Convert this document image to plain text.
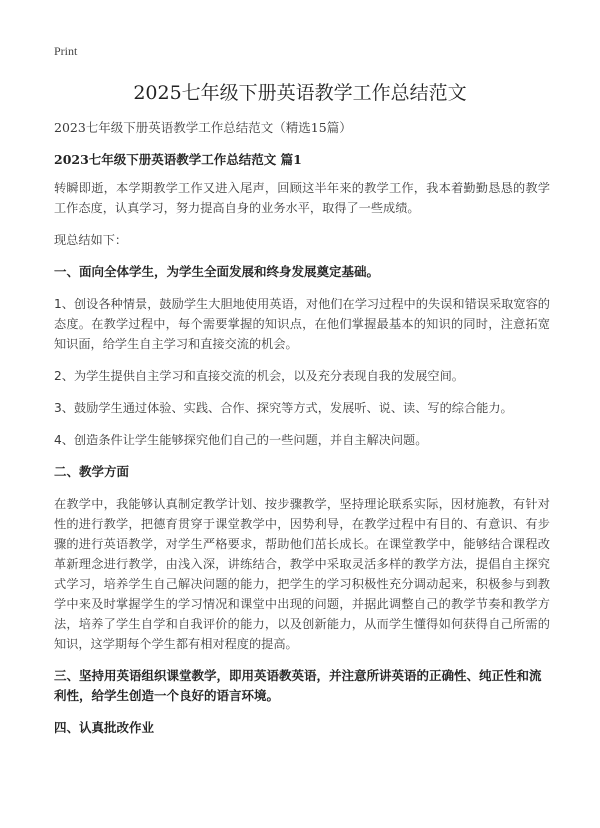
Print
2025七年级下册英语教学工作总结范文
2023七年级下册英语教学工作总结范文（精选15篇）
2023七年级下册英语教学工作总结范文 篇1
转瞬即逝，本学期教学工作又进入尾声，回顾这半年来的教学工作，我本着勤勤恳恳的教学工作态度，认真学习，努力提高自身的业务水平，取得了一些成绩。
现总结如下：
一、面向全体学生，为学生全面发展和终身发展奠定基础。
1、创设各种情景，鼓励学生大胆地使用英语，对他们在学习过程中的失误和错误采取宽容的态度。在教学过程中，每个需要掌握的知识点，在他们掌握最基本的知识的同时，注意拓宽知识面，给学生自主学习和直接交流的机会。
2、为学生提供自主学习和直接交流的机会，以及充分表现自我的发展空间。
3、鼓励学生通过体验、实践、合作、探究等方式，发展听、说、读、写的综合能力。
4、创造条件让学生能够探究他们自己的一些问题，并自主解决问题。
二、教学方面
在教学中，我能够认真制定教学计划、按步骤教学，坚持理论联系实际，因材施教，有针对性的进行教学，把德育贯穿于课堂教学中，因势利导，在教学过程中有目的、有意识、有步骤的进行英语教学，对学生严格要求，帮助他们茁长成长。在课堂教学中，能够结合课程改革新理念进行教学，由浅入深，讲练结合，教学中采取灵活多样的教学方法，提倡自主探究式学习，培养学生自己解决问题的能力，把学生的学习积极性充分调动起来，积极参与到教学中来及时掌握学生的学习情况和课堂中出现的问题，并据此调整自己的教学节奏和教学方法，培养了学生自学和自我评价的能力，以及创新能力，从而学生懂得如何获得自己所需的知识，这学期每个学生都有相对程度的提高。
三、坚持用英语组织课堂教学，即用英语教英语，并注意所讲英语的正确性、纯正性和流利性，给学生创造一个良好的语言环境。
四、认真批改作业
